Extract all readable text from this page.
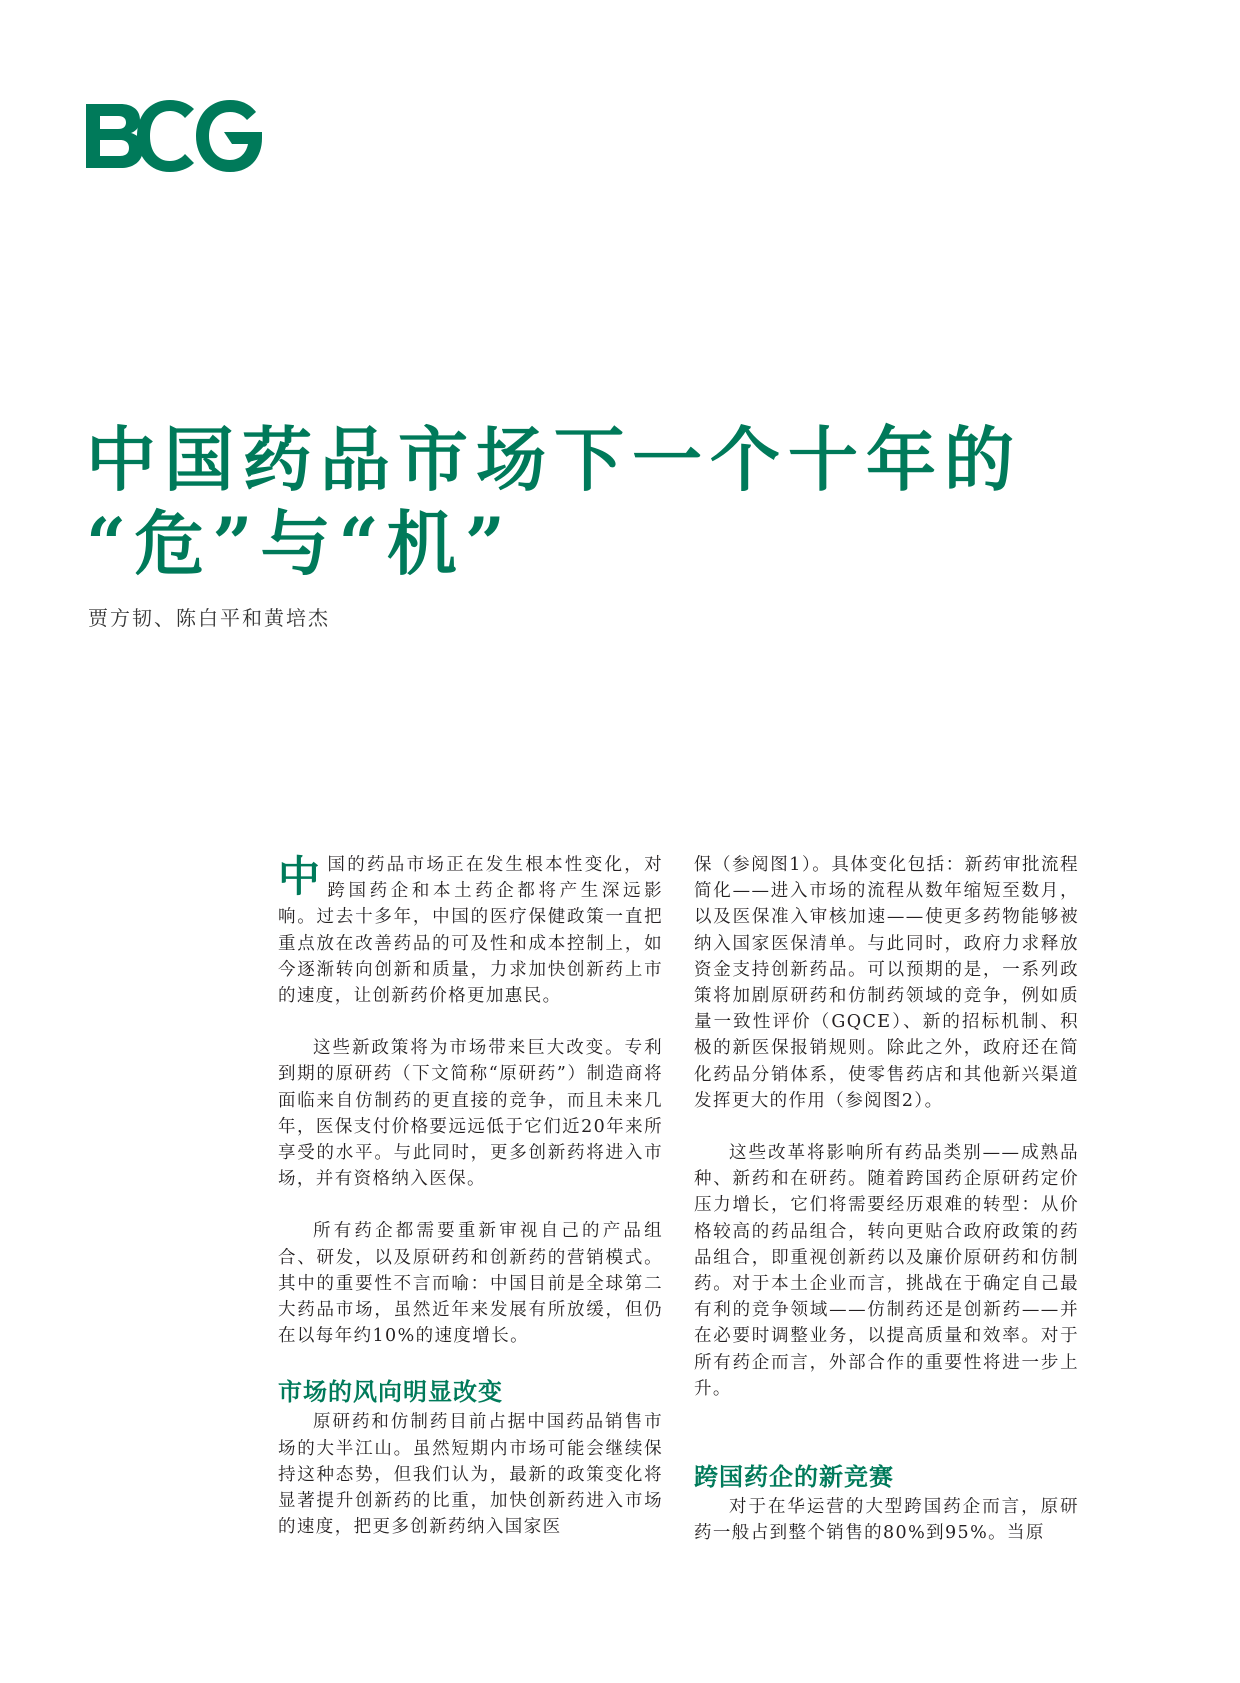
中国药品市场下一个十年的
“危”与“机”
贾方韧、陈白平和黄培杰

中国的药品市场正在发生根本性变化，对跨国药企和本土药企都将产生深远影响。过去十多年，中国的医疗保健政策一直把重点放在改善药品的可及性和成本控制上，如今逐渐转向创新和质量，力求加快创新药上市的速度，让创新药价格更加惠民。

这些新政策将为市场带来巨大改变。专利到期的原研药（下文简称“原研药”）制造商将面临来自仿制药的更直接的竞争，而且未来几年，医保支付价格要远远低于它们近20年来所享受的水平。与此同时，更多创新药将进入市场，并有资格纳入医保。

所有药企都需要重新审视自己的产品组合、研发，以及原研药和创新药的营销模式。其中的重要性不言而喻：中国目前是全球第二大药品市场，虽然近年来发展有所放缓，但仍在以每年约10%的速度增长。

市场的风向明显改变

原研药和仿制药目前占据中国药品销售市场的大半江山。虽然短期内市场可能会继续保持这种态势，但我们认为，最新的政策变化将显著提升创新药的比重，加快创新药进入市场的速度，把更多创新药纳入国家医

保（参阅图1）。具体变化包括：新药审批流程简化——进入市场的流程从数年缩短至数月，以及医保准入审核加速——使更多药物能够被纳入国家医保清单。与此同时，政府力求释放资金支持创新药品。可以预期的是，一系列政策将加剧原研药和仿制药领域的竞争，例如质量一致性评价（GQCE）、新的招标机制、积极的新医保报销规则。除此之外，政府还在简化药品分销体系，使零售药店和其他新兴渠道发挥更大的作用（参阅图2）。

这些改革将影响所有药品类别——成熟品种、新药和在研药。随着跨国药企原研药定价压力增长，它们将需要经历艰难的转型：从价格较高的药品组合，转向更贴合政府政策的药品组合，即重视创新药以及廉价原研药和仿制药。对于本土企业而言，挑战在于确定自己最有利的竞争领域——仿制药还是创新药——并在必要时调整业务，以提高质量和效率。对于所有药企而言，外部合作的重要性将进一步上升。

跨国药企的新竞赛

对于在华运营的大型跨国药企而言，原研药一般占到整个销售的80%到95%。当原
